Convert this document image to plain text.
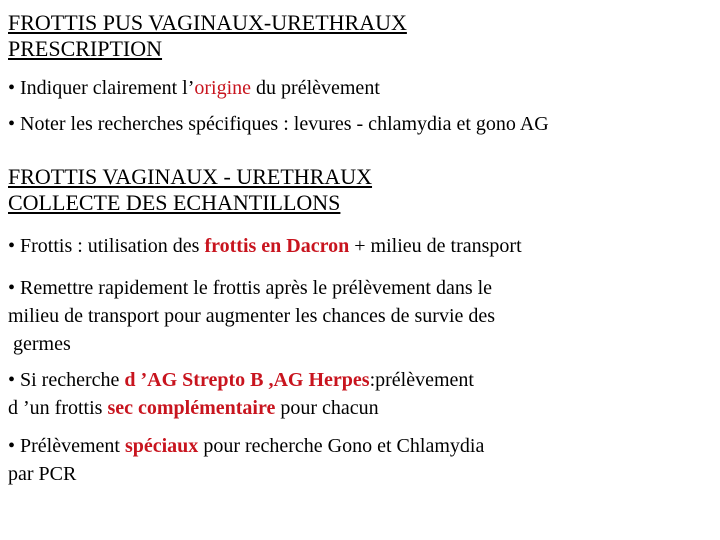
FROTTIS PUS VAGINAUX-URETHRAUX
PRESCRIPTION
• Indiquer clairement l’origine du prélèvement
• Noter les recherches spécifiques : levures - chlamydia et gono AG
FROTTIS VAGINAUX - URETHRAUX
COLLECTE DES ECHANTILLONS
• Frottis : utilisation des frottis en Dacron + milieu de transport
• Remettre rapidement le frottis après le prélèvement dans le
milieu de transport pour augmenter les chances de survie des
germes
• Si recherche d ’AG Strepto B ,AG Herpes:prélèvement
d ’un frottis sec complémentaire pour chacun
• Prélèvement spéciaux pour recherche Gono et Chlamydia
par PCR
